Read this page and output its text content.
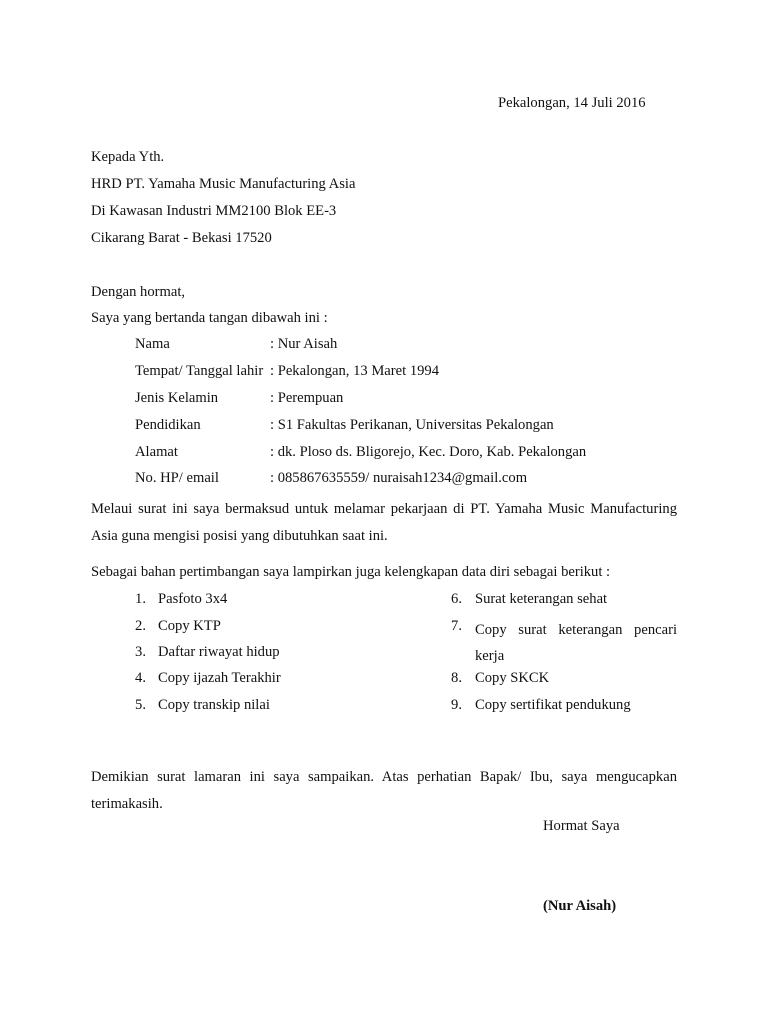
Pekalongan, 14 Juli 2016
Kepada Yth.
HRD PT. Yamaha Music Manufacturing Asia
Di Kawasan Industri MM2100 Blok EE-3
Cikarang Barat - Bekasi 17520
Dengan hormat,
Saya yang bertanda tangan dibawah ini :
Nama	: Nur Aisah
Tempat/ Tanggal lahir : Pekalongan, 13 Maret 1994
Jenis Kelamin	: Perempuan
Pendidikan	: S1 Fakultas Perikanan, Universitas Pekalongan
Alamat	: dk. Ploso ds. Bligorejo, Kec. Doro, Kab. Pekalongan
No. HP/ email	: 085867635559/ nuraisah1234@gmail.com
Melaui surat ini saya bermaksud untuk melamar pekarjaan di PT. Yamaha Music Manufacturing
Asia guna mengisi posisi yang dibutuhkan saat ini.
Sebagai bahan pertimbangan saya lampirkan juga kelengkapan data diri sebagai berikut :
1. Pasfoto 3x4
2. Copy KTP
3. Daftar riwayat hidup
4. Copy ijazah Terakhir
5. Copy transkip nilai
6. Surat keterangan sehat
7. Copy surat keterangan pencari
kerja
8. Copy SKCK
9. Copy sertifikat pendukung
Demikian surat lamaran ini saya sampaikan. Atas perhatian Bapak/ Ibu, saya mengucapkan
terimakasih.
Hormat Saya
(Nur Aisah)
